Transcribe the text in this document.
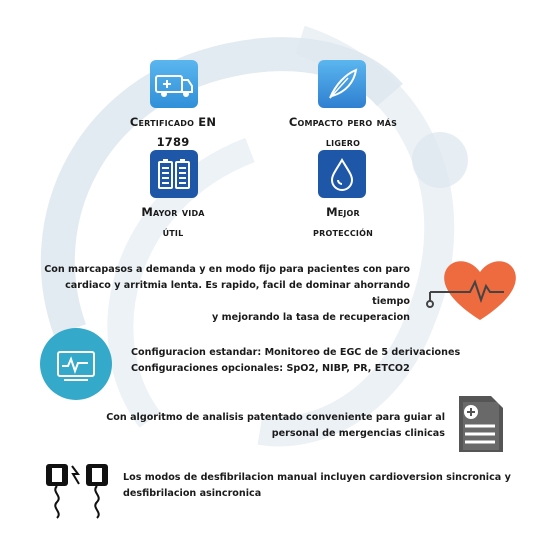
Certificado EN
1789
Compacto pero más
ligero
Mayor vida
útil
Mejor
protección
Con marcapasos a demanda y en modo fijo para pacientes con paro
cardiaco y arritmia lenta. Es rapido, facil de dominar ahorrando tiempo
y mejorando la tasa de recuperacion
Configuracion estandar: Monitoreo de EGC de 5 derivaciones
Configuraciones opcionales: SpO2, NIBP, PR, ETCO2
Con algoritmo de analisis patentado conveniente para guiar al
personal de mergencias clinicas
Los modos de desfibrilacion manual incluyen cardioversion sincronica y
desfibrilacion asincronica
